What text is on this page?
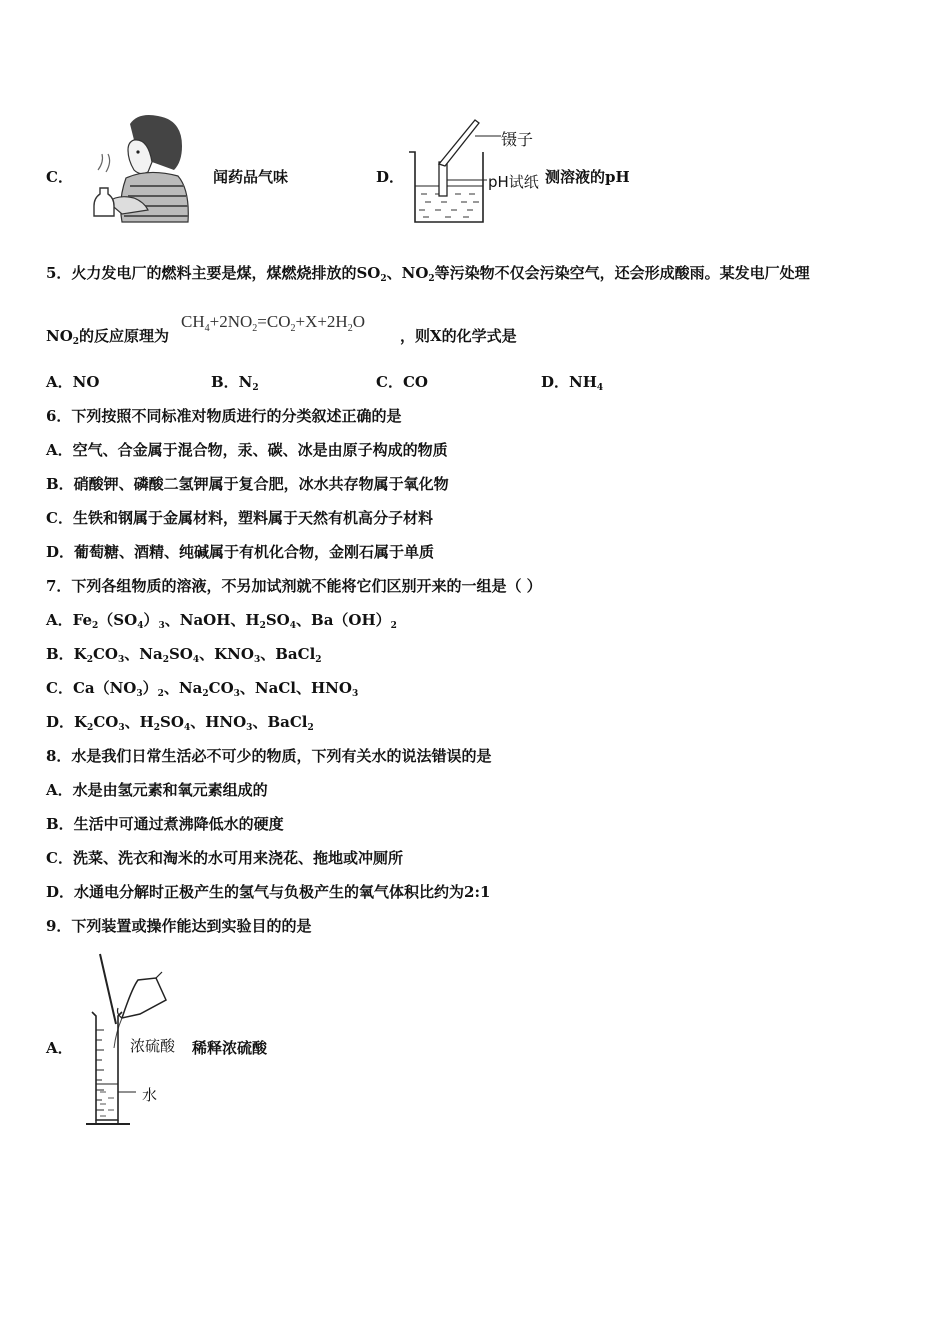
C．	闻药品气味	D．
镊子
pH试纸 测溶液的pH
5．火力发电厂的燃料主要是煤，煤燃烧排放的$SO_2$、$NO_2$等污染物不仅会污染空气，还会形成酸雨。某发电厂处理
$NO_2$的反应原理为
$CH_4+2NO_2=CO_2+X+2H_2O$
，则X的化学式是
A．NO	B．$N_2$	C．CO	D．$NH_4$
6．下列按照不同标准对物质进行的分类叙述正确的是
A．空气、合金属于混合物，汞、碳、冰是由原子构成的物质
B．硝酸钾、磷酸二氢钾属于复合肥，冰水共存物属于氧化物
C．生铁和钢属于金属材料，塑料属于天然有机高分子材料
D．葡萄糖、酒精、纯碱属于有机化合物，金刚石属于单质
7．下列各组物质的溶液，不另加试剂就不能将它们区别开来的一组是（ ）
A．$Fe_2(SO_4)_3$、NaOH、$H_2SO_4$、$Ba(OH)_2$
B．$K_2CO_3$、$Na_2SO_4$、$KNO_3$、BaCl$_2$
C．$Ca(NO_3)_2$、$Na_2CO_3$、NaCl、$HNO_3$
D．$K_2CO_3$、$H_2SO_4$、$HNO_3$、BaCl$_2$
8．水是我们日常生活必不可少的物质，下列有关水的说法错误的是
A．水是由氢元素和氧元素组成的
B．生活中可通过煮沸降低水的硬度
C．洗菜、洗衣和淘米的水可用来浇花、拖地或冲厕所
D．水通电分解时正极产生的氢气与负极产生的氧气体积比约为2:1
9．下列装置或操作能达到实验目的的是
A．	浓硫酸
水
稀释浓硫酸
